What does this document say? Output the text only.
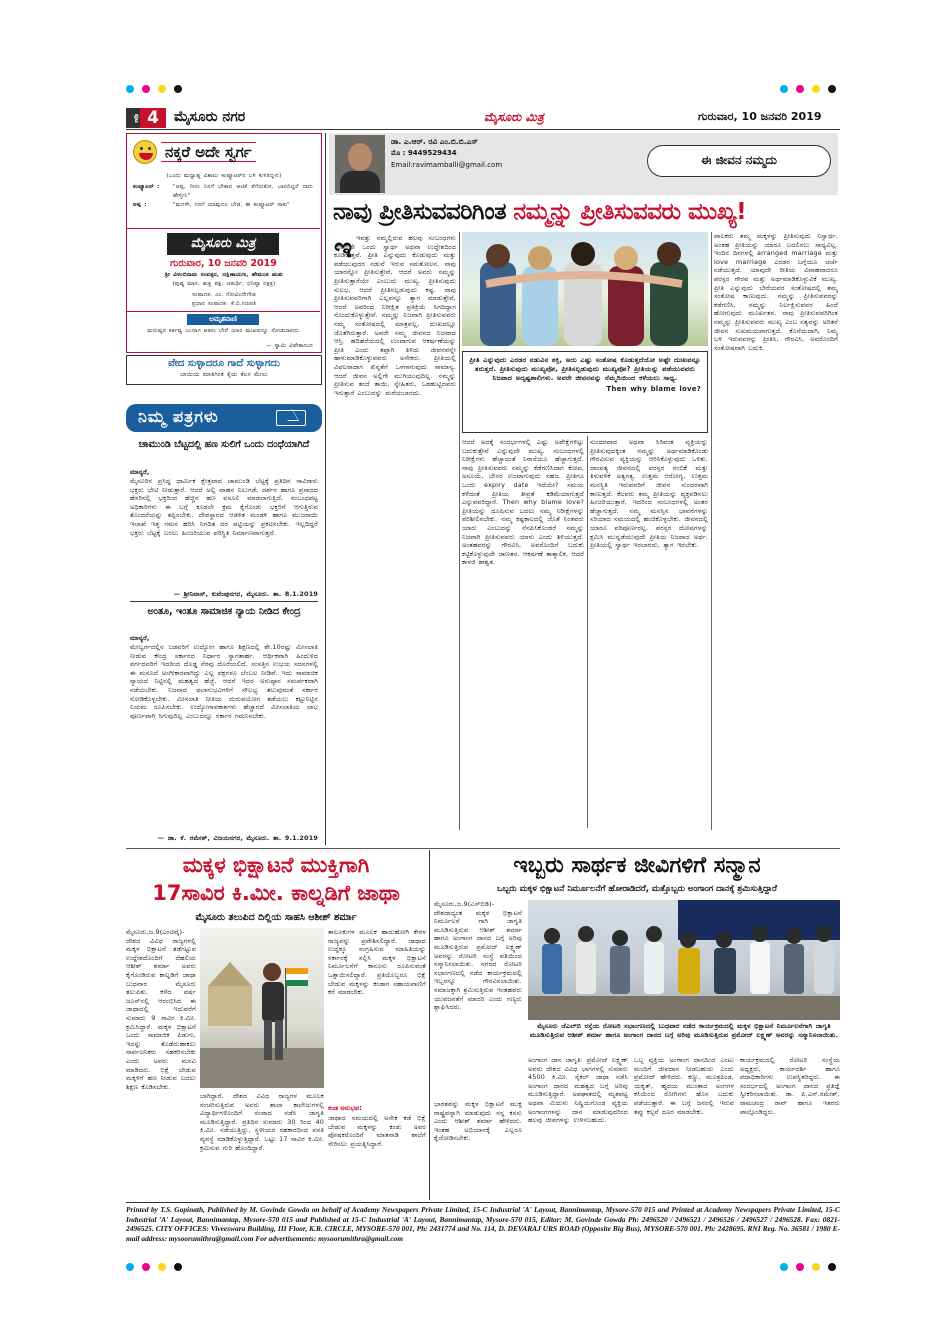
ಪುಟ 4	ಮೈಸೂರು ನಗರ	ಮೈಸೂರು ಮಿತ್ರ	ಗುರುವಾರ, 10 ಜನವರಿ 2019
ನಕ್ಕರೆ ಅದೇ ಸ್ವರ್ಗ
(ಒಂದು ಮಧ್ಯಾಹ್ನ ವಿಶಾಲು ಕಂಪ್ಯೂಟರ್‌ನ ಬಳಿ ಕುಳಿತಿದ್ದಳು)
ಕಂಪ್ಯೂಟರ್ :	"ಅಪ್ಪ, ನೀನು ನಿನಗೆ ಬೇಕಾದ ಆಟಿಕೆ ತೆಗೆದುಕೋ, ಬಾರದಿದ್ದರೆ ನಾನು ಹೇಳ್ತೀನಿ"
ಅಪ್ಪ :	"ಮಗಳೇ, ನನಗೆ ಯಾವುದೂ ಬೇಡ, ಈ ಕಂಪ್ಯೂಟರ್ ಸಾಕು"
ಮೈಸೂರು ಮಿತ್ರ
ಗುರುವಾರ, 10 ಜನವರಿ 2019
ಶ್ರೀ ವಿಳಂಬಿನಾಮ ಸಂವತ್ಸರ, ದಕ್ಷಿಣಾಯಣ, ಹೇಮಂತ ಋತು
(ಪುಷ್ಯ ಮಾಸ, ಶುಕ್ಲ ಪಕ್ಷ, ಚತುರ್ಥಿ, ಧನಿಷ್ಠಾ ನಕ್ಷತ್ರ)
ಸಂಪಾದಕ: ಎಂ. ಗೋವಿಂದೇಗೌಡ
ಪ್ರಧಾನ ಸಂಪಾದಕ: ಕೆ.ಬಿ.ಗಣಪತಿ
ಅಮೃತವಾಣಿ
ಮನುಷ್ಯನ ಕರ್ತವ್ಯ ಬಂದಾಗ ಆತನು ಬೇರೆ ಯಾರ ಮುಖವನ್ನೂ ನೋಡಬಾರದು.
— ಸ್ವಾಮಿ ವಿವೇಕಾನಂದ
ವೇದ ಸುಳ್ಳಾದರೂ ಗಾದೆ ಸುಳ್ಳಾಗದು
ಬಾಯಿಯ ಮಾತಿಗಿಂತ ಕೈಯ ಕೆಲಸ ಮೇಲು
ನಿಮ್ಮ ಪತ್ರಗಳು
ಚಾಮುಂಡಿ ಬೆಟ್ಟದಲ್ಲಿ ಹಣ ಸುಲಿಗೆ ಒಂದು ದಂಧೆಯಾಗಿದೆ
ಮಾನ್ಯರೆ,
ಮೈಸೂರಿನ ಪ್ರಸಿದ್ಧ ಧಾರ್ಮಿಕ ಕ್ಷೇತ್ರವಾದ ಚಾಮುಂಡಿ ಬೆಟ್ಟಕ್ಕೆ ಪ್ರತಿದಿನ ಸಾವಿರಾರು ಭಕ್ತರು ಭೇಟಿ ನೀಡುತ್ತಾರೆ. ಆದರೆ ಅಲ್ಲಿ ವಾಹನ ನಿಲುಗಡೆ, ದರ್ಶನ ಹಾಗೂ ಪ್ರಸಾದದ ಹೆಸರಿನಲ್ಲಿ ಭಕ್ತರಿಂದ ಹೆಚ್ಚಿನ ಹಣ ವಸೂಲಿ ಮಾಡಲಾಗುತ್ತಿದೆ. ಸಂಬಂಧಪಟ್ಟ ಅಧಿಕಾರಿಗಳು ಈ ಬಗ್ಗೆ ಕೂಡಲೇ ಕ್ರಮ ಕೈಗೊಂಡು ಭಕ್ತರಿಗೆ ಆಗುತ್ತಿರುವ ತೊಂದರೆಯನ್ನು ತಪ್ಪಿಸಬೇಕು. ದೇವಸ್ಥಾನದ ಆಡಳಿತ ಮಂಡಳಿ ಹಾಗೂ ಮುಜರಾಯಿ ಇಲಾಖೆ ಇತ್ತ ಗಮನ ಹರಿಸಿ ನಿಗದಿತ ದರ ಪಟ್ಟಿಯನ್ನು ಪ್ರಕಟಿಸಬೇಕು. ಇಲ್ಲದಿದ್ದರೆ ಭಕ್ತರು ಬೆಟ್ಟಕ್ಕೆ ಬರಲು ಹಿಂಜರಿಯುವ ಪರಿಸ್ಥಿತಿ ನಿರ್ಮಾಣವಾಗುತ್ತದೆ.
— ಶ್ರೀನಿವಾಸ್, ಕುವೆಂಪುನಗರ, ಮೈಸೂರು. ತಾ. 8.1.2019
ಅಂತೂ, ಇಂತೂ ಸಾಮಾಜಿಕ ನ್ಯಾಯ ನೀಡಿದ ಕೇಂದ್ರ
ಮಾನ್ಯರೆ,
ಮೇಲ್ವರ್ಗದಲ್ಲಿನ ಬಡವರಿಗೆ ಉದ್ಯೋಗ ಹಾಗೂ ಶಿಕ್ಷಣದಲ್ಲಿ ಶೇ.10ರಷ್ಟು ಮೀಸಲಾತಿ ನೀಡುವ ಕೇಂದ್ರ ಸರ್ಕಾರದ ನಿರ್ಧಾರ ಸ್ವಾಗತಾರ್ಹ. ಆರ್ಥಿಕವಾಗಿ ಹಿಂದುಳಿದ ವರ್ಗದವರಿಗೆ ಇದರಿಂದ ದೊಡ್ಡ ನೆರವು ದೊರೆಯಲಿದೆ. ಸಂಸತ್ತಿನ ಉಭಯ ಸದನಗಳಲ್ಲಿ ಈ ಮಸೂದೆ ಅಂಗೀಕಾರವಾಗಿದ್ದು ಎಲ್ಲ ಪಕ್ಷಗಳೂ ಬೆಂಬಲ ನೀಡಿವೆ. ಇದು ಸಾಮಾಜಿಕ ನ್ಯಾಯದ ನಿಟ್ಟಿನಲ್ಲಿ ಮಹತ್ವದ ಹೆಜ್ಜೆ. ಆದರೆ ಇದರ ಅನುಷ್ಠಾನ ಸಮರ್ಪಕವಾಗಿ ನಡೆಯಬೇಕು. ನಿಜವಾದ ಫಲಾನುಭವಿಗಳಿಗೆ ಸೌಲಭ್ಯ ತಲುಪುವಂತೆ ಸರ್ಕಾರ ನೋಡಿಕೊಳ್ಳಬೇಕು. ಮೀಸಲಾತಿ ನೀತಿಯ ದುರುಪಯೋಗ ತಡೆಯಲು ಕಟ್ಟುನಿಟ್ಟಿನ ನಿಯಮ ರೂಪಿಸಬೇಕು. ಉದ್ಯೋಗಾವಕಾಶಗಳು ಹೆಚ್ಚಾಗದೆ ಮೀಸಲಾತಿಯ ಲಾಭ ಪೂರ್ಣವಾಗಿ ಸಿಗುವುದಿಲ್ಲ ಎಂಬುದನ್ನೂ ಸರ್ಕಾರ ಗಮನಿಸಬೇಕು.
— ಡಾ. ಕೆ. ರಮೇಶ್, ವಿಜಯನಗರ, ಮೈಸೂರು. ತಾ. 9.1.2019
ಡಾ. ಎ.ಆರ್. ರವಿ ಎಂ.ಬಿ.ಬಿ.ಎಸ್
ಮೊ : 9449529434
Email:ravimamballi@gmail.com	ಈ ಜೀವನ ನಮ್ಮದು
ನಾವು ಪ್ರೀತಿಸುವವರಿಗಿಂತ ನಮ್ಮನ್ನು ಪ್ರೀತಿಸುವವರು ಮುಖ್ಯ!
ಇ ಇವತ್ತು ನಮ್ಮಲ್ಲಿರುವ ಹಲವು ಸಂಬಂಧಗಳು ಯಾವುದೇ ಒಂದು ಸ್ವಾರ್ಥ ಅಥವಾ ಉದ್ದೇಶದಿಂದ ಕೂಡಿರುತ್ತವೆ. ಪ್ರೀತಿ ಎನ್ನುವುದು ಕೊಡುವುದು ಮತ್ತು ಪಡೆಯುವುದರ ನಡುವೆ ಇರುವ ಸಮತೋಲನ. ನಾವು ಯಾರನ್ನೋ ಪ್ರೀತಿಸುತ್ತೇವೆ, ಆದರೆ ಅವರು ನಮ್ಮನ್ನು ಪ್ರೀತಿಸುತ್ತಾರೆಯೇ ಎಂಬುದು ಮುಖ್ಯ. ಪ್ರೀತಿಸುವುದು ಸುಲಭ, ಆದರೆ ಪ್ರೀತಿಸಲ್ಪಡುವುದು ಕಷ್ಟ. ನಾವು ಪ್ರೀತಿಸುವವರಿಗಾಗಿ ಎಲ್ಲವನ್ನೂ ತ್ಯಾಗ ಮಾಡುತ್ತೇವೆ, ಆದರೆ ಅವರಿಂದ ನಿರೀಕ್ಷಿತ ಪ್ರತಿಕ್ರಿಯೆ ಸಿಗದಿದ್ದಾಗ ನೊಂದುಕೊಳ್ಳುತ್ತೇವೆ. ನಮ್ಮನ್ನು ನಿಜವಾಗಿ ಪ್ರೀತಿಸುವವರು ನಮ್ಮ ಸಂತೋಷದಲ್ಲಿ ಮಾತ್ರವಲ್ಲ, ದುಃಖದಲ್ಲೂ ಜೊತೆಗಿರುತ್ತಾರೆ. ಅವರೇ ನಮ್ಮ ಜೀವನದ ನಿಜವಾದ ಆಸ್ತಿ. ಹದಿಹರೆಯದಲ್ಲಿ ಉಂಟಾಗುವ ಆಕರ್ಷಣೆಯನ್ನು ಪ್ರೀತಿ ಎಂದು ತಪ್ಪಾಗಿ ತಿಳಿದು ಜೀವನವನ್ನೇ ಹಾಳುಮಾಡಿಕೊಳ್ಳುವವರು ಅನೇಕರು. ಪ್ರೀತಿಯಲ್ಲಿ ವಿಫಲರಾದಾಗ ಖಿನ್ನತೆಗೆ ಒಳಗಾಗುವುದು ಸಾಮಾನ್ಯ. ಆದರೆ ಜೀವನ ಅಲ್ಲಿಗೇ ಮುಗಿಯುವುದಿಲ್ಲ. ನಮ್ಮನ್ನು ಪ್ರೀತಿಸುವ ತಂದೆ ತಾಯಿ, ಸ್ನೇಹಿತರು, ಒಡಹುಟ್ಟಿದವರು ಇರುತ್ತಾರೆ ಎಂಬುದನ್ನು ಮರೆಯಬಾರದು.
ಪ್ರೀತಿ ಎನ್ನುವುದು ಎರಡರ ನಡುವಿನ ಶಕ್ತಿ, ಅದು ಎಷ್ಟು ಸಂತೋಷ ಕೊಡುತ್ತದೆಯೋ ಅಷ್ಟೇ ದುಃಖವನ್ನೂ ತರುತ್ತದೆ. ಪ್ರೀತಿಸುವುದು ಮುಖ್ಯವೋ, ಪ್ರೀತಿಸಲ್ಪಡುವುದು ಮುಖ್ಯವೋ? ಪ್ರೀತಿಯನ್ನು ಪಡೆಯುವವರು ನಿಜವಾದ ಅದೃಷ್ಟಶಾಲಿಗಳು. ಅವರೇ ಜೀವನವನ್ನು ನೆಮ್ಮದಿಯಿಂದ ಕಳೆಯಲು ಸಾಧ್ಯ.
Then why blame love?
ಆದರೆ ಅದಕ್ಕೆ ಸಂದರ್ಭಗಳಲ್ಲಿ ಎಷ್ಟು ಅಪೇಕ್ಷೆಗಳಿಟ್ಟು ಬದುಕುತ್ತೇವೆ ಎನ್ನುವುದೇ ಮುಖ್ಯ. ಸಂಬಂಧಗಳಲ್ಲಿ ನಿರೀಕ್ಷೆಗಳು ಹೆಚ್ಚಾದಂತೆ ನಿರಾಸೆಯೂ ಹೆಚ್ಚಾಗುತ್ತದೆ. ನಾವು ಪ್ರೀತಿಸುವವರು ನಮ್ಮನ್ನು ಕಡೆಗಣಿಸಿದಾಗ ಕೋಪ, ಅಸೂಯೆ, ಬೇಸರ ಉಂಟಾಗುವುದು ಸಹಜ. ಪ್ರೀತಿಗೂ ಒಂದು expiry date ಇದೆಯೇ? ಸಮಯ ಕಳೆದಂತೆ ಪ್ರೀತಿಯ ತೀವ್ರತೆ ಕಡಿಮೆಯಾಗುತ್ತದೆ ಎನ್ನುವವರಿದ್ದಾರೆ. Then why blame love? ಪ್ರೀತಿಯನ್ನು ದೂಷಿಸುವ ಬದಲು ನಮ್ಮ ನಿರೀಕ್ಷೆಗಳನ್ನು ಪರಿಶೀಲಿಸಬೇಕು. ನಮ್ಮ ಕಷ್ಟಕಾಲದಲ್ಲಿ ಜೊತೆ ನಿಂತವರು ಯಾರು ಎಂಬುದನ್ನು ನೆನಪಿಸಿಕೊಂಡರೆ ನಮ್ಮನ್ನು ನಿಜವಾಗಿ ಪ್ರೀತಿಸುವವರು ಯಾರು ಎಂದು ತಿಳಿಯುತ್ತದೆ. ಅಂತಹವರನ್ನು ಗೌರವಿಸಿ, ಅವರೊಂದಿಗೆ ಬದುಕು ಕಟ್ಟಿಕೊಳ್ಳುವುದೇ ಜಾಣತನ. ಆಕರ್ಷಣೆ ತಾತ್ಕಾಲಿಕ, ಆದರೆ ಕಾಳಜಿ ಶಾಶ್ವತ.
ಸುಂದರವಾದ ಅಥವಾ ಸಿರಿವಂತ ವ್ಯಕ್ತಿಯನ್ನು ಪ್ರೀತಿಸುವುದಕ್ಕಿಂತ ನಮ್ಮನ್ನು ಅರ್ಥಮಾಡಿಕೊಂಡು ಗೌರವಿಸುವ ವ್ಯಕ್ತಿಯನ್ನು ಆರಿಸಿಕೊಳ್ಳುವುದು ಒಳಿತು. ದಾಂಪತ್ಯ ಜೀವನದಲ್ಲಿ ಪರಸ್ಪರ ನಂಬಿಕೆ ಮತ್ತು ತಿಳುವಳಿಕೆ ಅತ್ಯಗತ್ಯ. ಉತ್ತಮ ಆರೋಗ್ಯ, ಉತ್ತಮ ಮನಸ್ಥಿತಿ ಇರುವವರಿಗೆ ಜೀವನ ಸುಂದರವಾಗಿ ಕಾಣುತ್ತದೆ. ಕೆಲವರು ತಮ್ಮ ಪ್ರೀತಿಯನ್ನು ವ್ಯಕ್ತಪಡಿಸಲು ಹಿಂಜರಿಯುತ್ತಾರೆ, ಇದರಿಂದ ಸಂಬಂಧಗಳಲ್ಲಿ ಅಂತರ ಹೆಚ್ಚಾಗುತ್ತದೆ. ನಮ್ಮ ಮನಸ್ಸಿನ ಭಾವನೆಗಳನ್ನು ಸರಿಯಾದ ಸಮಯದಲ್ಲಿ ಹಂಚಿಕೊಳ್ಳಬೇಕು. ಜೀವನದಲ್ಲಿ ಯಾರೂ ಪರಿಪೂರ್ಣರಲ್ಲ. ಪರಸ್ಪರ ದೋಷಗಳನ್ನು ಕ್ಷಮಿಸಿ ಮುನ್ನಡೆಯುವುದೇ ಪ್ರೀತಿಯ ನಿಜವಾದ ಅರ್ಥ. ಪ್ರೀತಿಯಲ್ಲಿ ಸ್ವಾರ್ಥ ಇರಬಾರದು, ತ್ಯಾಗ ಇರಬೇಕು.
ಪಾಲಕರು ತಮ್ಮ ಮಕ್ಕಳನ್ನು ಪ್ರೀತಿಸುವುದು ನಿಸ್ವಾರ್ಥ. ಅಂತಹ ಪ್ರೀತಿಯನ್ನು ಯಾರೂ ಬದಲಿಸಲು ಸಾಧ್ಯವಿಲ್ಲ. ಇಂದಿನ ದಿನಗಳಲ್ಲಿ arranged marriage ಮತ್ತು love marriage ಎರಡರ ಬಗ್ಗೆಯೂ ಚರ್ಚೆ ನಡೆಯುತ್ತದೆ. ಯಾವುದೇ ರೀತಿಯ ವಿವಾಹವಾದರೂ ಪರಸ್ಪರ ಗೌರವ ಮತ್ತು ಅರ್ಥಮಾಡಿಕೊಳ್ಳುವಿಕೆ ಮುಖ್ಯ. ಪ್ರೀತಿ ಎನ್ನುವುದು ಬೇರೆಯವರ ಸಂತೋಷದಲ್ಲಿ ತಮ್ಮ ಸಂತೋಷ ಕಾಣುವುದು. ನಮ್ಮನ್ನು ಪ್ರೀತಿಸುವವರನ್ನು ಕಡೆಗಣಿಸಿ, ನಮ್ಮನ್ನು ನಿರ್ಲಕ್ಷಿಸುವವರ ಹಿಂದೆ ಹೋಗುವುದು ಮೂರ್ಖತನ. ನಾವು ಪ್ರೀತಿಸುವವರಿಗಿಂತ ನಮ್ಮನ್ನು ಪ್ರೀತಿಸುವವರು ಮುಖ್ಯ ಎಂಬ ಸತ್ಯವನ್ನು ಅರಿತರೆ ಜೀವನ ಸುಖಮಯವಾಗುತ್ತದೆ. ಕೊನೆಯದಾಗಿ, ನಿಮ್ಮ ಬಳಿ ಇರುವವರನ್ನು ಪ್ರೀತಿಸಿ, ಗೌರವಿಸಿ, ಅವರೊಂದಿಗೆ ಸಂತೋಷವಾಗಿ ಬದುಕಿ.
ಮಕ್ಕಳ ಭಿಕ್ಷಾಟನೆ ಮುಕ್ತಿಗಾಗಿ
17ಸಾವಿರ ಕಿ.ಮೀ. ಕಾಲ್ನಡಿಗೆ ಜಾಥಾ
ಮೈಸೂರು ತಲುಪಿದ ದಿಲ್ಲಿಯ ಸಾಹಸಿ ಆಶೀಶ್ ಶರ್ಮಾ
ಮೈಸೂರು,ಜ.9(ಎಂಟಿವೈ)- ದೇಶದ ವಿವಿಧ ರಾಜ್ಯಗಳಲ್ಲಿ ಮಕ್ಕಳ ಭಿಕ್ಷಾಟನೆ ತಡೆಗಟ್ಟುವ ಉದ್ದೇಶದೊಂದಿಗೆ ದೆಹಲಿಯ ಆಶೀಶ್ ಶರ್ಮಾ ಅವರು ಕೈಗೊಂಡಿರುವ ಕಾಲ್ನಡಿಗೆ ಜಾಥಾ ಬುಧವಾರ ಮೈಸೂರು ತಲುಪಿತು. ಕಳೆದ ವರ್ಷ ಜೂನ್‌ನಲ್ಲಿ ಆರಂಭಿಸಿದ ಈ ಜಾಥಾದಲ್ಲಿ ಇದುವರೆಗೆ ಸುಮಾರು 9 ಸಾವಿರ ಕಿ.ಮೀ. ಕ್ರಮಿಸಿದ್ದಾರೆ. ಮಕ್ಕಳ ಭಿಕ್ಷಾಟನೆ ಒಂದು ಸಾಮಾಜಿಕ ಪಿಡುಗು, ಇದನ್ನು ತೊಡೆದುಹಾಕಲು ಸಾರ್ವಜನಿಕರು ಸಹಕರಿಸಬೇಕು ಎಂದು ಅವರು ಮನವಿ ಮಾಡಿದರು. ಭಿಕ್ಷೆ ಬೇಡುವ ಮಕ್ಕಳಿಗೆ ಹಣ ನೀಡುವ ಬದಲು ಶಿಕ್ಷಣ ಕೊಡಿಸಬೇಕು.
ಬಾಗಿದ್ದಾರೆ. ದೇಶದ ವಿವಿಧ ರಾಜ್ಯಗಳ ಮೂಲಕ ಸಂಚರಿಸುತ್ತಿರುವ ಅವರು ಶಾಲಾ ಕಾಲೇಜುಗಳಲ್ಲಿ ವಿದ್ಯಾರ್ಥಿಗಳೊಂದಿಗೆ ಸಂವಾದ ನಡೆಸಿ ಜಾಗೃತಿ ಮೂಡಿಸುತ್ತಿದ್ದಾರೆ. ಪ್ರತಿದಿನ ಸುಮಾರು 30 ರಿಂದ 40 ಕಿ.ಮೀ. ನಡೆಯುತ್ತಿದ್ದು, ಸ್ಥಳೀಯರ ಸಹಕಾರದಿಂದ ವಸತಿ ವ್ಯವಸ್ಥೆ ಮಾಡಿಕೊಳ್ಳುತ್ತಿದ್ದಾರೆ. ಒಟ್ಟು 17 ಸಾವಿರ ಕಿ.ಮೀ. ಕ್ರಮಿಸುವ ಗುರಿ ಹೊಂದಿದ್ದಾರೆ.
ತಾಲೂಕುಗಳ ಮೂಲಕ ಹಾದುಹೋಗಿ ಕೇರಳ ರಾಜ್ಯವನ್ನು ಪ್ರವೇಶಿಸಲಿದ್ದಾರೆ. ಜಾಥಾದ ಉದ್ದಕ್ಕೂ ಸಂಗ್ರಹಿಸುವ ಮಾಹಿತಿಯನ್ನು ಸರ್ಕಾರಕ್ಕೆ ಸಲ್ಲಿಸಿ ಮಕ್ಕಳ ಭಿಕ್ಷಾಟನೆ ನಿರ್ಮೂಲನೆಗೆ ಕಾನೂನು ರೂಪಿಸುವಂತೆ ಒತ್ತಾಯಿಸಲಿದ್ದಾರೆ. ಪ್ರತಿಯೊಬ್ಬರೂ ಭಿಕ್ಷೆ ಬೇಡುವ ಮಕ್ಕಳನ್ನು ಕಂಡಾಗ ಸಹಾಯವಾಣಿಗೆ ಕರೆ ಮಾಡಬೇಕು.
ಕಂಡ ಅನುಭವ:
ಜಾಥಾದ ಸಮಯದಲ್ಲಿ ಅನೇಕ ಕಡೆ ಭಿಕ್ಷೆ ಬೇಡುವ ಮಕ್ಕಳನ್ನು ಕಂಡು ಅವರ ಪೋಷಕರೊಂದಿಗೆ ಮಾತನಾಡಿ ಶಾಲೆಗೆ ಸೇರಿಸಲು ಪ್ರಯತ್ನಿಸಿದ್ದಾರೆ.
ಇಬ್ಬರು ಸಾರ್ಥಕ ಜೀವಿಗಳಿಗೆ ಸನ್ಮಾನ
ಒಬ್ಬರು ಮಕ್ಕಳ ಭಿಕ್ಷಾಟನೆ ನಿರ್ಮೂಲನೆಗೆ ಹೋರಾಡಿದರೆ, ಮತ್ತೊಬ್ಬರು ಅಂಗಾಂಗ ದಾನಕ್ಕೆ ಶ್ರಮಿಸುತ್ತಿದ್ದಾರೆ
ಮೈಸೂರು,ಜ.9(ಎಸ್‌ಬಿಡಿ)- ದೇಶದಾದ್ಯಂತ ಮಕ್ಕಳ ಭಿಕ್ಷಾಟನೆ ನಿರ್ಮೂಲನೆ ಗಾಗಿ ಜಾಗೃತಿ ಮೂಡಿಸುತ್ತಿರುವ ಆಶೀಶ್ ಶರ್ಮಾ ಹಾಗೂ ಅಂಗಾಂಗ ದಾನದ ಬಗ್ಗೆ ಅರಿವು ಮೂಡಿಸುತ್ತಿರುವ ಪ್ರಮೋದ್ ಲಕ್ಷ್ಮಣ್ ಅವರನ್ನು ರೋಟರಿ ಸಂಸ್ಥೆ ವತಿಯಿಂದ ಸನ್ಮಾನಿಸಲಾಯಿತು. ನಗರದ ರೋಟರಿ ಸಭಾಂಗಣದಲ್ಲಿ ನಡೆದ ಕಾರ್ಯಕ್ರಮದಲ್ಲಿ ಇಬ್ಬರನ್ನೂ ಗೌರವಿಸಲಾಯಿತು. ಸಮಾಜಕ್ಕಾಗಿ ಶ್ರಮಿಸುತ್ತಿರುವ ಇಂತಹವರು ಯುವಜನತೆಗೆ ಮಾದರಿ ಎಂದು ಗಣ್ಯರು ಶ್ಲಾಘಿಸಿದರು.
ಮೈಸೂರು ಜೆಎಲ್‌ಬಿ ರಸ್ತೆಯ ರೋಟರಿ ಸಭಾಂಗಣದಲ್ಲಿ ಬುಧವಾರ ನಡೆದ ಕಾರ್ಯಕ್ರಮದಲ್ಲಿ ಮಕ್ಕಳ ಭಿಕ್ಷಾಟನೆ ನಿರ್ಮೂಲನೆಗಾಗಿ ಜಾಗೃತಿ ಮೂಡಿಸುತ್ತಿರುವ ಆಶೀಶ್ ಶರ್ಮಾ ಹಾಗೂ ಅಂಗಾಂಗ ದಾನದ ಬಗ್ಗೆ ಅರಿವು ಮೂಡಿಸುತ್ತಿರುವ ಪ್ರಮೋದ್ ಲಕ್ಷ್ಮಣ್ ಅವರನ್ನು ಸನ್ಮಾನಿಸಲಾಯಿತು.
ಅಂಗಾಂಗ ದಾನ ಜಾಗೃತಿ: ಪ್ರಮೋದ್ ಲಕ್ಷ್ಮಣ್ ಅವರು ದೇಶದ ವಿವಿಧ ಭಾಗಗಳಲ್ಲಿ ಸುಮಾರು 4500 ಕಿ.ಮೀ. ಸೈಕಲ್ ಜಾಥಾ ನಡೆಸಿ ಅಂಗಾಂಗ ದಾನದ ಮಹತ್ವದ ಬಗ್ಗೆ ಅರಿವು ಮೂಡಿಸುತ್ತಿದ್ದಾರೆ. ಅಪಘಾತದಲ್ಲಿ ಮೃತಪಟ್ಟ ಅಥವಾ ಮಿದುಳು ನಿಷ್ಕ್ರಿಯಗೊಂಡ ವ್ಯಕ್ತಿಯ ಅಂಗಾಂಗಗಳನ್ನು ದಾನ ಮಾಡುವುದರಿಂದ ಹಲವು ಜೀವಗಳನ್ನು ಉಳಿಸಬಹುದು.
ಒಬ್ಬ ವ್ಯಕ್ತಿಯ ಅಂಗಾಂಗ ದಾನದಿಂದ ಎಂಟು ಮಂದಿಗೆ ಜೀವದಾನ ನೀಡಬಹುದು ಎಂದು ಪ್ರಮೋದ್ ಹೇಳಿದರು. ಕಣ್ಣು, ಮೂತ್ರಪಿಂಡ, ಯಕೃತ್, ಹೃದಯ ಮುಂತಾದ ಅಂಗಗಳ ಕಸಿಯಿಂದ ರೋಗಿಗಳು ಹೊಸ ಬದುಕು ಪಡೆಯುತ್ತಾರೆ. ಈ ಬಗ್ಗೆ ಜನರಲ್ಲಿ ಇರುವ ತಪ್ಪು ಕಲ್ಪನೆ ದೂರ ಮಾಡಬೇಕು.
ಕಾರ್ಯಕ್ರಮದಲ್ಲಿ ರೋಟರಿ ಸಂಸ್ಥೆಯ ಅಧ್ಯಕ್ಷರು, ಕಾರ್ಯದರ್ಶಿ ಹಾಗೂ ಪದಾಧಿಕಾರಿಗಳು ಉಪಸ್ಥಿತರಿದ್ದರು. ಈ ಸಂದರ್ಭದಲ್ಲಿ ಅಂಗಾಂಗ ದಾನದ ಪ್ರತಿಜ್ಞೆ ಸ್ವೀಕರಿಸಲಾಯಿತು. ಡಾ. ಪಿ.ಎಸ್.ರಮೇಶ್, ರಾಮಚಂದ್ರ ರಾವ್ ಹಾಗೂ ಇತರರು ಪಾಲ್ಗೊಂಡಿದ್ದರು.
ಭಾರತವನ್ನು ಮಕ್ಕಳ ಭಿಕ್ಷಾಟನೆ ಮುಕ್ತ ರಾಷ್ಟ್ರವನ್ನಾಗಿ ಮಾಡುವುದು ನನ್ನ ಕನಸು ಎಂದು ಆಶೀಶ್ ಶರ್ಮಾ ಹೇಳಿದರು. ಇಂತಹ ಅಭಿಯಾನಕ್ಕೆ ಎಲ್ಲರೂ ಕೈಜೋಡಿಸಬೇಕು.
Printed by T.S. Gopinath, Published by M. Govinde Gowda on behalf of Academy Newspapers Private Limited, 15-C Industrial 'A' Layout, Bannimantap, Mysore-570 015 and Printed at Academy Newspapers Private Limited, 15-C Industrial 'A' Layout, Bannimantap, Mysore-570 015 and Published at 15-C Industrial 'A' Layout, Bannimantap, Mysore-570 015, Editor: M. Govinde Gowda Ph: 2496520 / 2496521 / 2496526 / 2496527 / 2496528. Fax: 0821-2496525. CITY OFFICES: Viveeswara Building, III Floor, K.R. CIRCLE, MYSORE-570 001, Ph: 2431774 and No. 114, D. DEVARAJ URS ROAD (Opposite Big Bus), MYSORE-570 001. Ph: 2428695. RNI Reg. No. 36581 / 1980 E-mail address: mysoorumithra@gmail.com For advertisements: mysoorumithra@gmail.com
